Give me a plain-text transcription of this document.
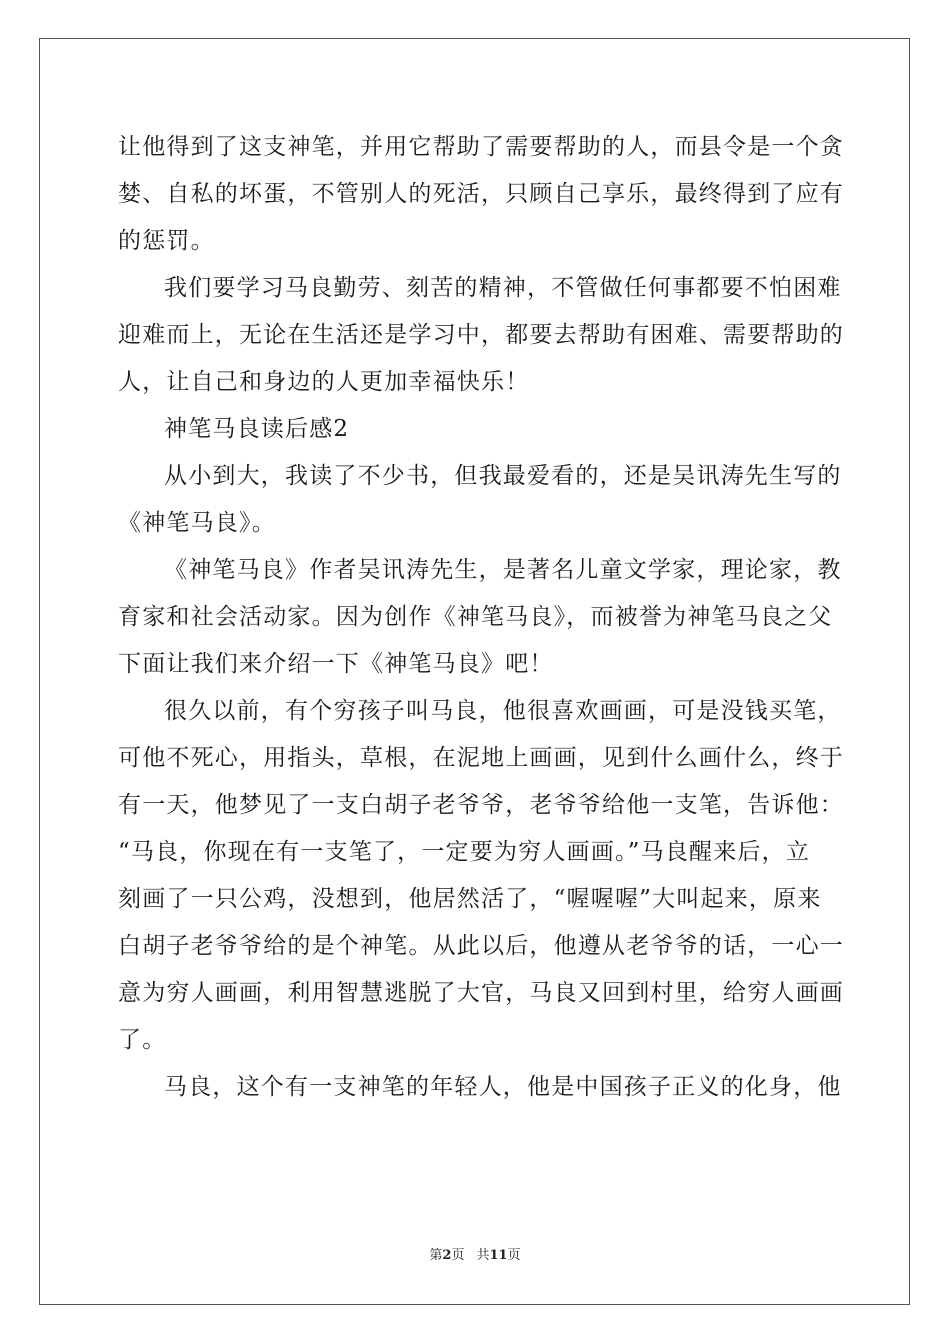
让他得到了这支神笔，并用它帮助了需要帮助的人，而县令是一个贪
婪、自私的坏蛋，不管别人的死活，只顾自己享乐，最终得到了应有
的惩罚。
我们要学习马良勤劳、刻苦的精神，不管做任何事都要不怕困难
迎难而上，无论在生活还是学习中，都要去帮助有困难、需要帮助的
人，让自己和身边的人更加幸福快乐！
神笔马良读后感2
从小到大，我读了不少书，但我最爱看的，还是吴讯涛先生写的
《神笔马良》。
《神笔马良》作者吴讯涛先生，是著名儿童文学家，理论家，教
育家和社会活动家。因为创作《神笔马良》，而被誉为神笔马良之父
下面让我们来介绍一下《神笔马良》吧！
很久以前，有个穷孩子叫马良，他很喜欢画画，可是没钱买笔，
可他不死心，用指头，草根，在泥地上画画，见到什么画什么，终于
有一天，他梦见了一支白胡子老爷爷，老爷爷给他一支笔，告诉他：
“马良，你现在有一支笔了，一定要为穷人画画。”马良醒来后，立
刻画了一只公鸡，没想到，他居然活了，“喔喔喔”大叫起来，原来
白胡子老爷爷给的是个神笔。从此以后，他遵从老爷爷的话，一心一
意为穷人画画，利用智慧逃脱了大官，马良又回到村里，给穷人画画
了。
马良，这个有一支神笔的年轻人，他是中国孩子正义的化身，他
第2页 共11页
